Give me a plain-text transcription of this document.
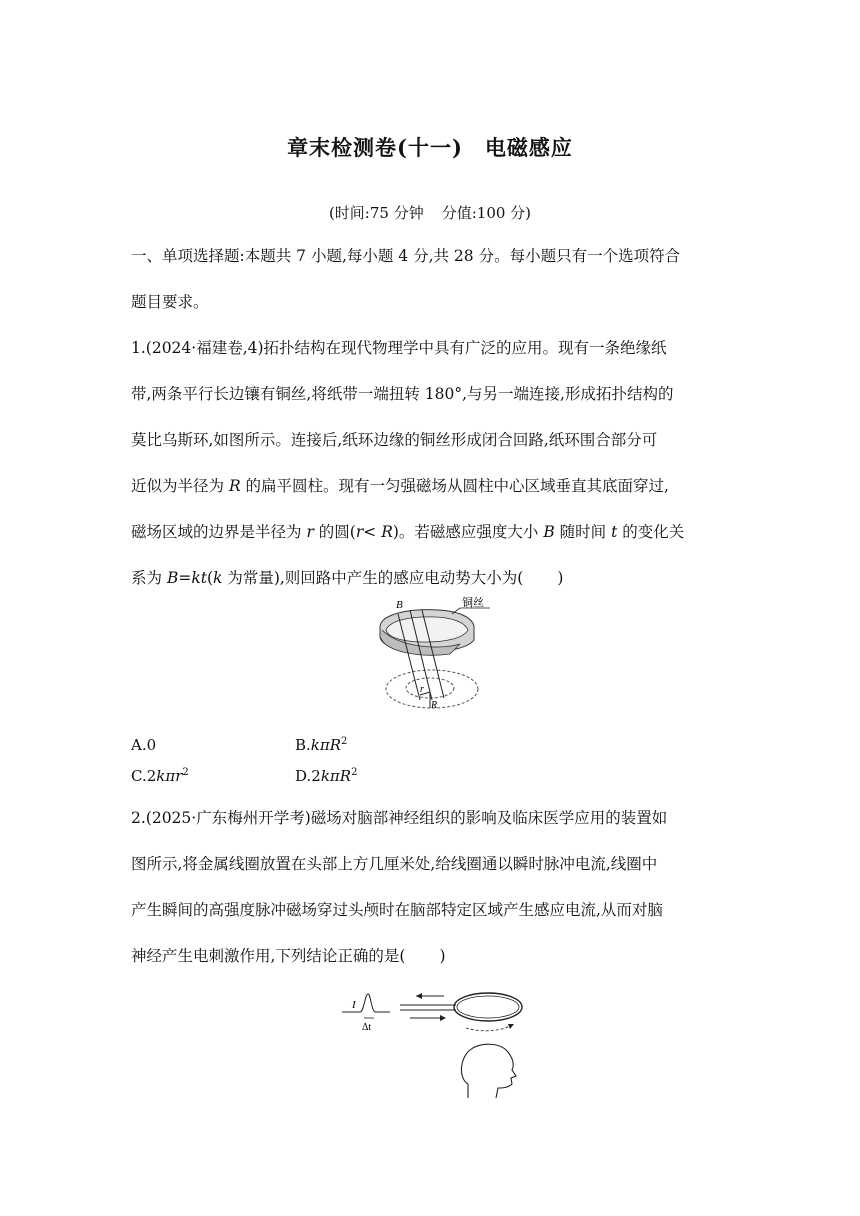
章末检测卷(十一) 电磁感应
(时间:75 分钟 分值:100 分)
一、单项选择题:本题共 7 小题,每小题 4 分,共 28 分。每小题只有一个选项符合
题目要求。
1.(2024·福建卷,4)拓扑结构在现代物理学中具有广泛的应用。现有一条绝缘纸
带,两条平行长边镶有铜丝,将纸带一端扭转 180°,与另一端连接,形成拓扑结构的
莫比乌斯环,如图所示。连接后,纸环边缘的铜丝形成闭合回路,纸环围合部分可
近似为半径为 R 的扁平圆柱。现有一匀强磁场从圆柱中心区域垂直其底面穿过,
磁场区域的边界是半径为 r 的圆(r< R)。若磁感应强度大小 B 随时间 t 的变化关
系为 B=kt(k 为常量),则回路中产生的感应电动势大小为( )
B	铜丝
r
R
A.0	B.kπR$^2$
C.2kπr$^2$	D.2kπR$^2$
2.(2025·广东梅州开学考)磁场对脑部神经组织的影响及临床医学应用的装置如
图所示,将金属线圈放置在头部上方几厘米处,给线圈通以瞬时脉冲电流,线圈中
产生瞬间的高强度脉冲磁场穿过头颅时在脑部特定区域产生感应电流,从而对脑
神经产生电刺激作用,下列结论正确的是( )
I
Δt
